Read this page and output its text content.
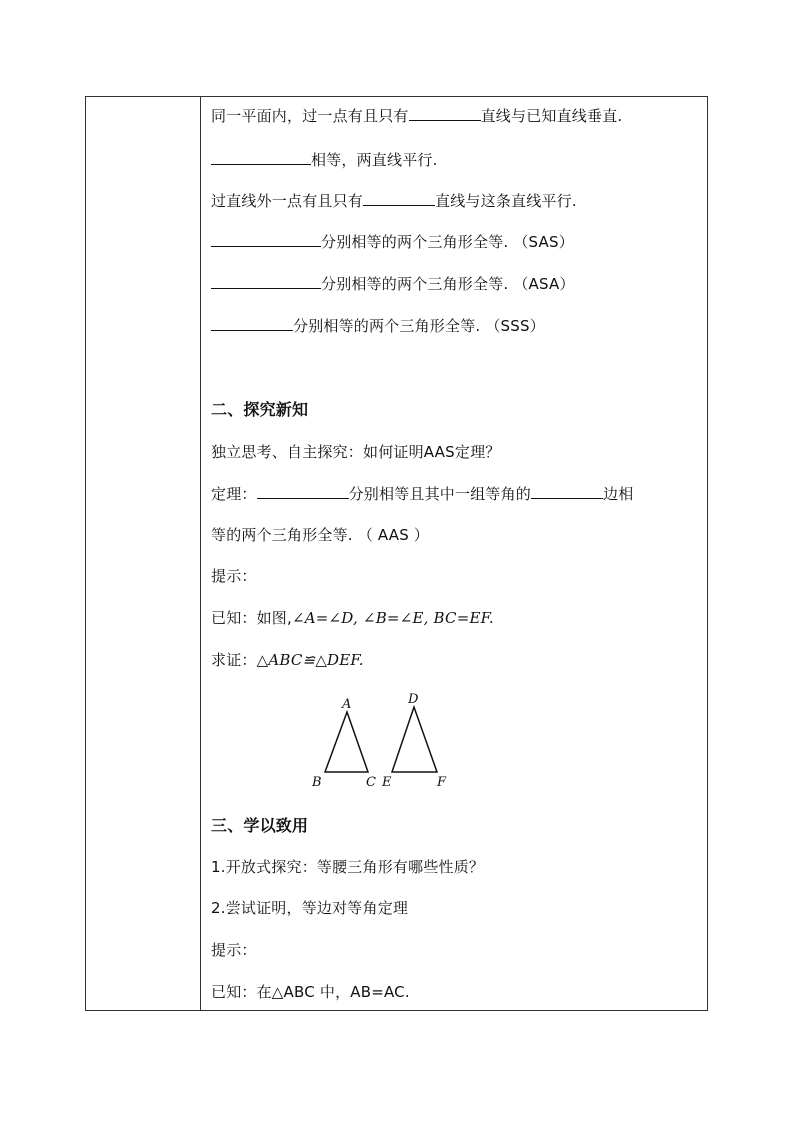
同一平面内，过一点有且只有	直线与已知直线垂直.
相等，两直线平行.
过直线外一点有且只有	直线与这条直线平行.
分别相等的两个三角形全等. （SAS）
分别相等的两个三角形全等. （ASA）
分别相等的两个三角形全等. （SSS）
二、探究新知
独立思考、自主探究：如何证明AAS定理？
定理：	分别相等且其中一组等角的	边相
等的两个三角形全等. （ AAS ）
提示：
已知：如图,∠A=∠D, ∠B=∠E, BC=EF.
求证：△ABC≌△DEF.
A
B	C
D
E	F
三、学以致用
1.开放式探究：等腰三角形有哪些性质？
2.尝试证明，等边对等角定理
提示：
已知：在△ABC 中，AB=AC.
